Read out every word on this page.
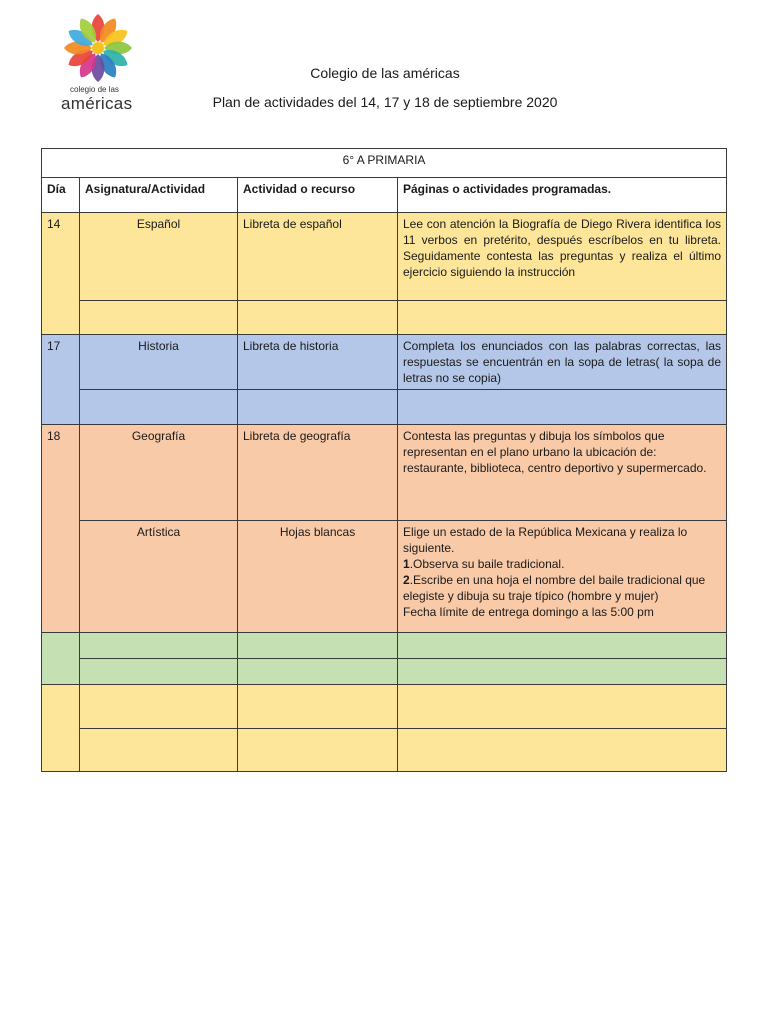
colegio de las
américas
Colegio de las américas
Plan de actividades del 14, 17 y 18 de septiembre 2020
6° A PRIMARIA			
Día	Asignatura/Actividad	Actividad o recurso	Páginas o actividades programadas.
14	Español	Libreta de español	Lee con atención la Biografía de Diego Rivera identifica los 11 verbos en pretérito, después escríbelos en tu libreta. Seguidamente contesta las preguntas y realiza el último ejercicio siguiendo la instrucción

17	Historia	Libreta de historia	Completa los enunciados con las palabras correctas, las respuestas se encuentrán en la sopa de letras( la sopa de letras no se copia)

18	Geografía	Libreta de geografía	Contesta las preguntas y dibuja los símbolos que representan en el plano urbano la ubicación de: restaurante, biblioteca, centro deportivo y supermercado.
	Artística	Hojas blancas	Elige un estado de la República Mexicana y realiza lo siguiente.
1.Observa su baile tradicional.
2.Escribe en una hoja el nombre del baile tradicional que elegiste y dibuja su traje típico (hombre y mujer)
Fecha límite de entrega domingo a las 5:00 pm
